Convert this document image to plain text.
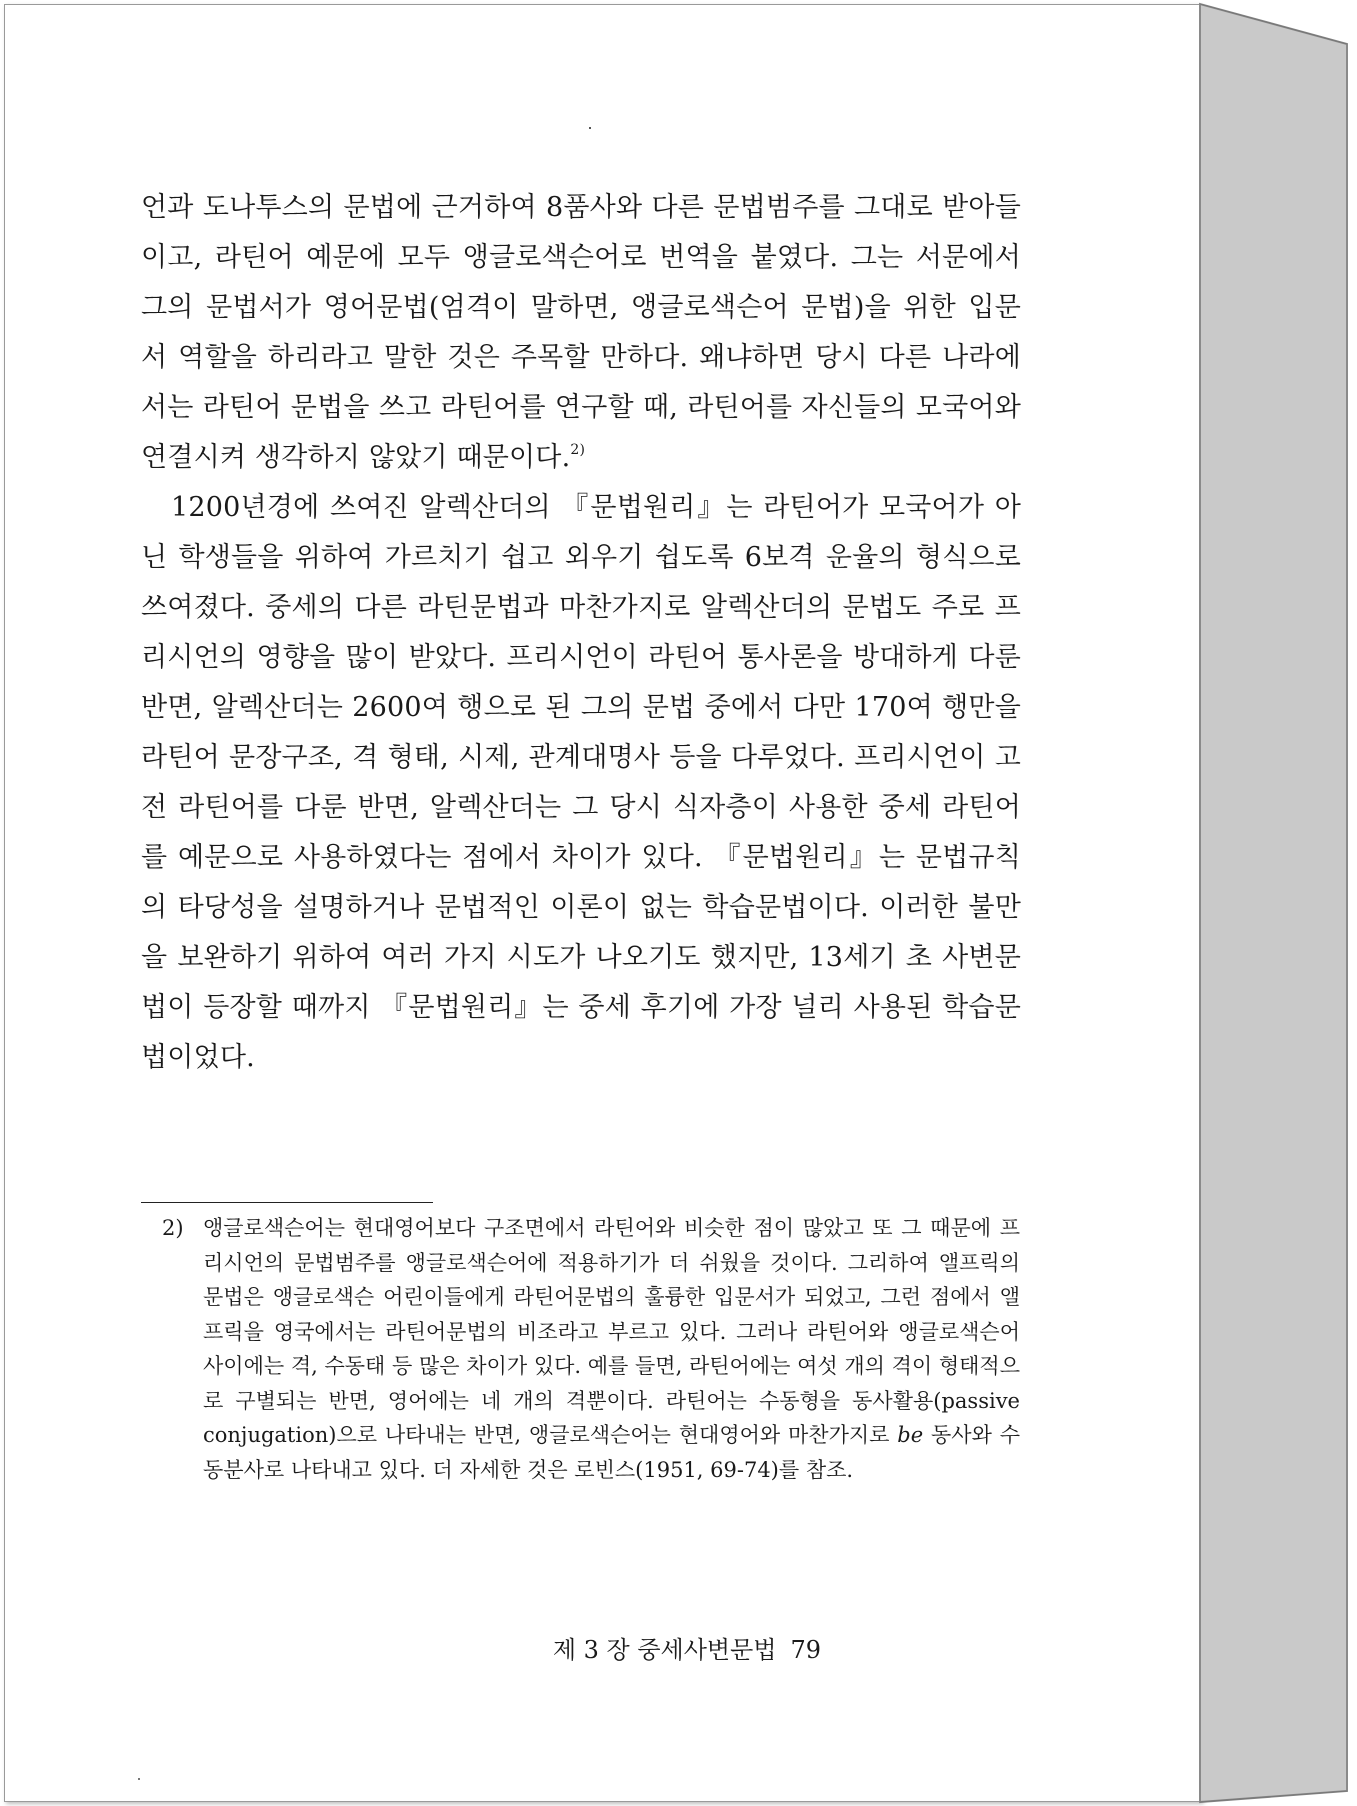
언과 도나투스의 문법에 근거하여 8품사와 다른 문법범주를 그대로 받아들이고, 라틴어 예문에 모두 앵글로색슨어로 번역을 붙였다. 그는 서문에서 그의 문법서가 영어문법(엄격이 말하면, 앵글로색슨어 문법)을 위한 입문서 역할을 하리라고 말한 것은 주목할 만하다. 왜냐하면 당시 다른 나라에서는 라틴어 문법을 쓰고 라틴어를 연구할 때, 라틴어를 자신들의 모국어와 연결시켜 생각하지 않았기 때문이다.$^{2)}$

1200년경에 쓰여진 알렉산더의 『문법원리』는 라틴어가 모국어가 아닌 학생들을 위하여 가르치기 쉽고 외우기 쉽도록 6보격 운율의 형식으로 쓰여졌다. 중세의 다른 라틴문법과 마찬가지로 알렉산더의 문법도 주로 프리시언의 영향을 많이 받았다. 프리시언이 라틴어 통사론을 방대하게 다룬 반면, 알렉산더는 2600여 행으로 된 그의 문법 중에서 다만 170여 행만을 라틴어 문장구조, 격 형태, 시제, 관계대명사 등을 다루었다. 프리시언이 고전 라틴어를 다룬 반면, 알렉산더는 그 당시 식자층이 사용한 중세 라틴어를 예문으로 사용하였다는 점에서 차이가 있다. 『문법원리』는 문법규칙의 타당성을 설명하거나 문법적인 이론이 없는 학습문법이다. 이러한 불만을 보완하기 위하여 여러 가지 시도가 나오기도 했지만, 13세기 초 사변문법이 등장할 때까지 『문법원리』는 중세 후기에 가장 널리 사용된 학습문법이었다.

2) 앵글로색슨어는 현대영어보다 구조면에서 라틴어와 비슷한 점이 많았고 또 그 때문에 프리시언의 문법범주를 앵글로색슨어에 적용하기가 더 쉬웠을 것이다. 그리하여 앨프릭의 문법은 앵글로색슨 어린이들에게 라틴어문법의 훌륭한 입문서가 되었고, 그런 점에서 앨프릭을 영국에서는 라틴어문법의 비조라고 부르고 있다. 그러나 라틴어와 앵글로색슨어 사이에는 격, 수동태 등 많은 차이가 있다. 예를 들면, 라틴어에는 여섯 개의 격이 형태적으로 구별되는 반면, 영어에는 네 개의 격뿐이다. 라틴어는 수동형을 동사활용(passive conjugation)으로 나타내는 반면, 앵글로색슨어는 현대영어와 마찬가지로 be 동사와 수동분사로 나타내고 있다. 더 자세한 것은 로빈스(1951, 69-74)를 참조.
제 3 장 중세사변문법 79
